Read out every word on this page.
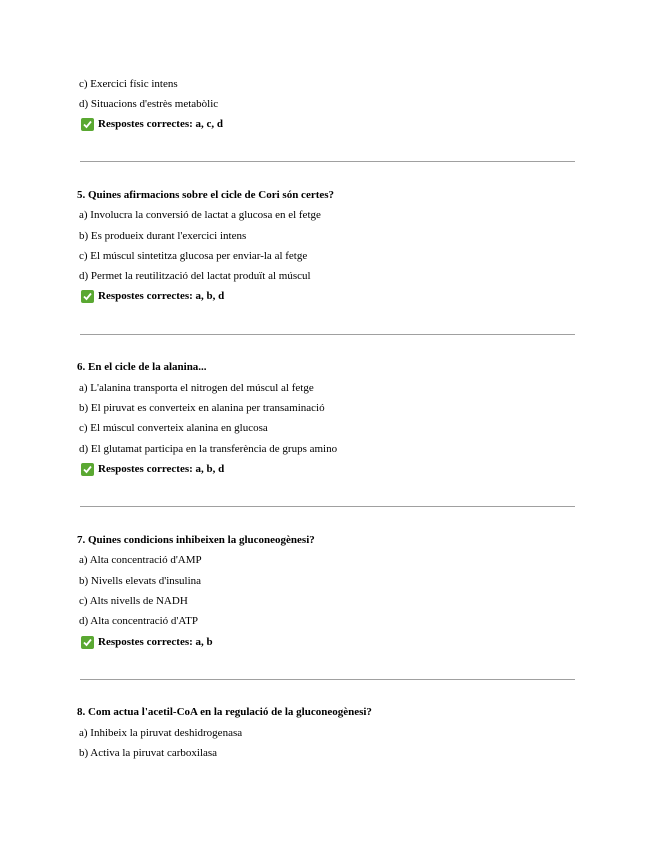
c) Exercici físic intens
d) Situacions d'estrès metabòlic
Respostes correctes:
a, c, d
5. Quines afirmacions sobre el cicle de Cori són certes?
a) Involucra la conversió de lactat a glucosa en el fetge
b) Es produeix durant l'exercici intens
c) El múscul sintetitza glucosa per enviar-la al fetge
d) Permet la reutilització del lactat produït al múscul
Respostes correctes:
a, b, d
6. En el cicle de la alanina...
a) L'alanina transporta el nitrogen del múscul al fetge
b) El piruvat es converteix en alanina per transaminació
c) El múscul converteix alanina en glucosa
d) El glutamat participa en la transferència de grups amino
Respostes correctes:
a, b, d
7. Quines condicions inhibeixen la gluconeogènesi?
a) Alta concentració d'AMP
b) Nivells elevats d'insulina
c) Alts nivells de NADH
d) Alta concentració d'ATP
Respostes correctes:
a, b
8. Com actua l'acetil-CoA en la regulació de la gluconeogènesi?
a) Inhibeix la piruvat deshidrogenasa
b) Activa la piruvat carboxilasa
